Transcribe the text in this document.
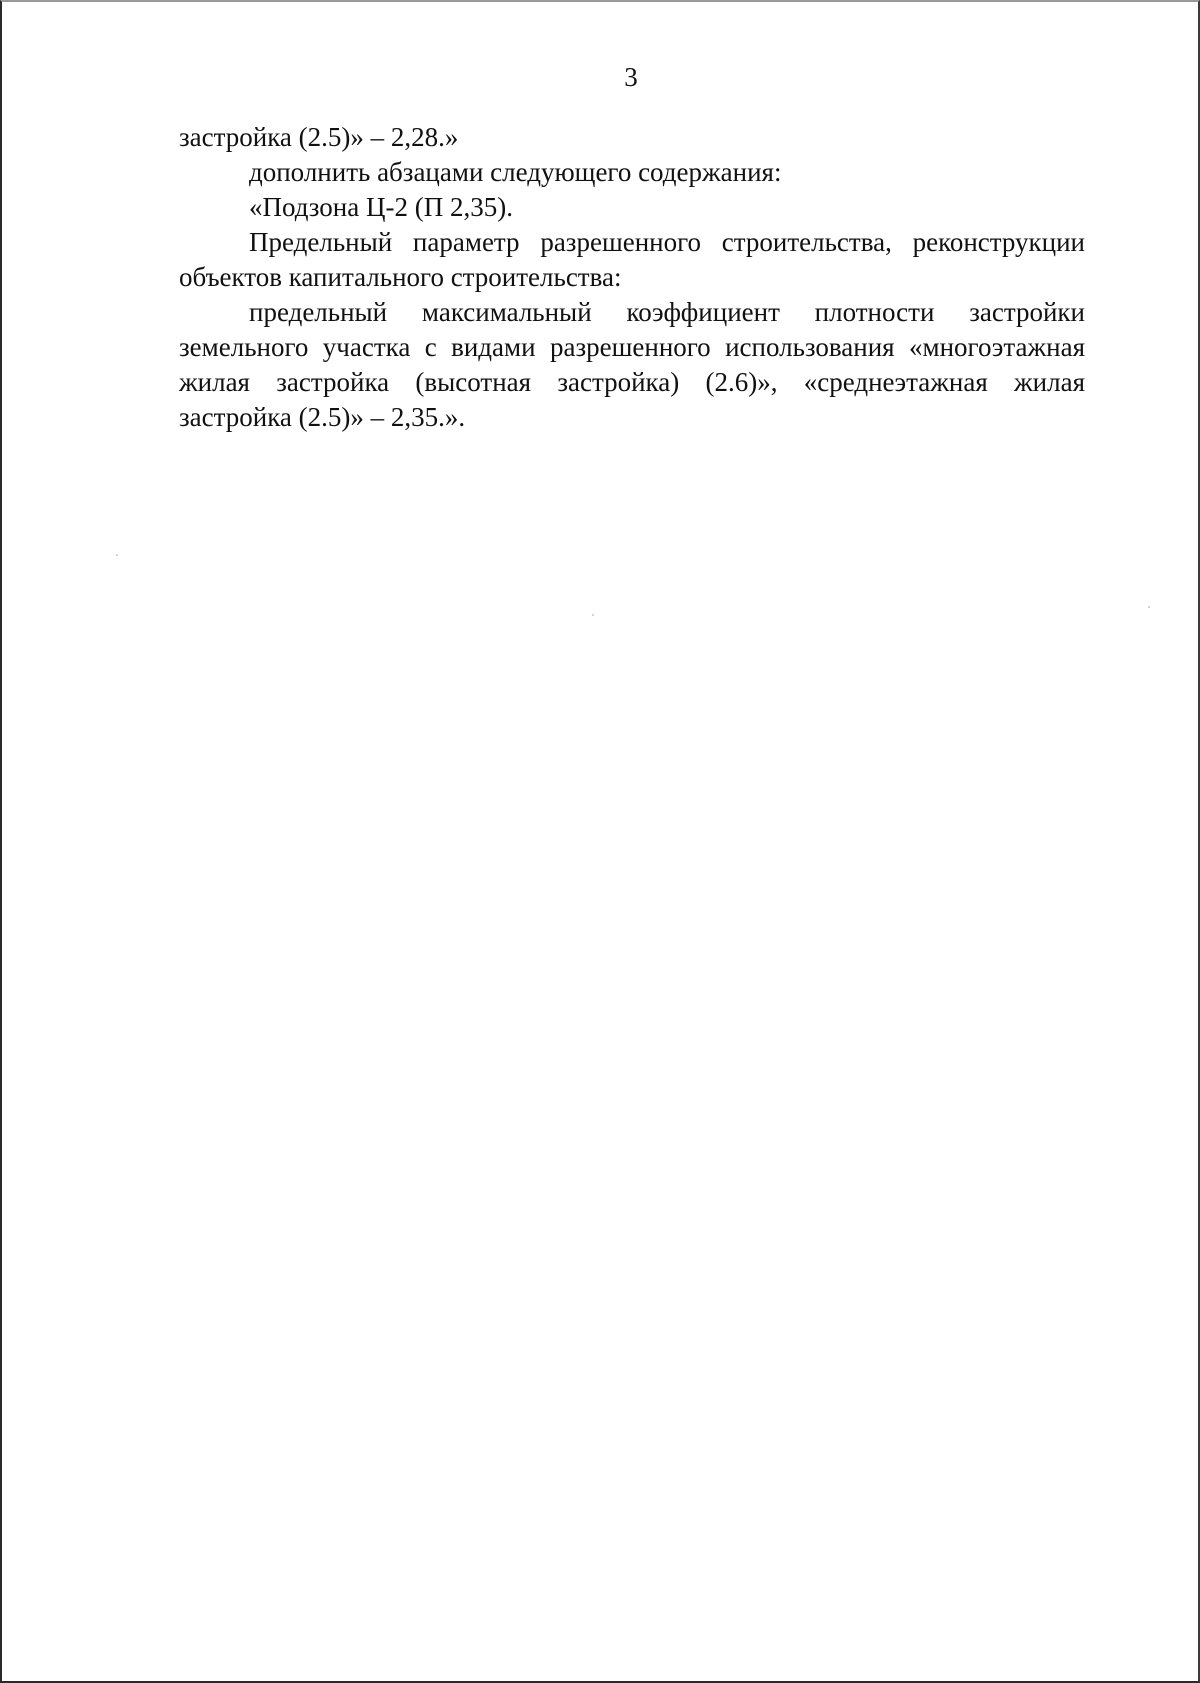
3

застройка (2.5)» – 2,28.»

дополнить абзацами следующего содержания:

«Подзона Ц-2 (П 2,35).

Предельный параметр разрешенного строительства, реконструкции объектов капитального строительства:

предельный максимальный коэффициент плотности застройки земельного участка с видами разрешенного использования «многоэтажная жилая застройка (высотная застройка) (2.6)», «среднеэтажная жилая застройка (2.5)» – 2,35.».
